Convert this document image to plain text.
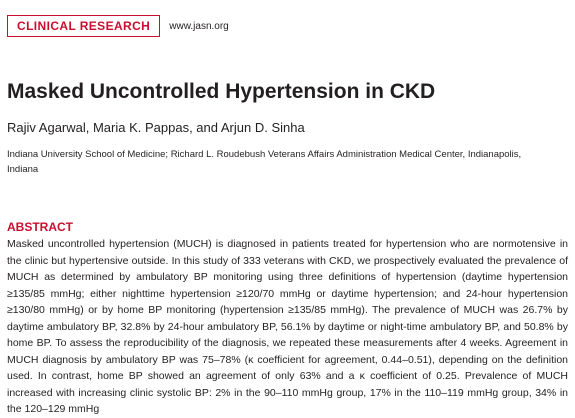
CLINICAL RESEARCH	www.jasn.org
Masked Uncontrolled Hypertension in CKD
Rajiv Agarwal, Maria K. Pappas, and Arjun D. Sinha
Indiana University School of Medicine; Richard L. Roudebush Veterans Affairs Administration Medical Center, Indianapolis, Indiana
ABSTRACT

Masked uncontrolled hypertension (MUCH) is diagnosed in patients treated for hypertension who are normotensive in the clinic but hypertensive outside. In this study of 333 veterans with CKD, we prospectively evaluated the prevalence of MUCH as determined by ambulatory BP monitoring using three definitions of hypertension (daytime hypertension ≥135/85 mmHg; either nighttime hypertension ≥120/70 mmHg or daytime hypertension; and 24-hour hypertension ≥130/80 mmHg) or by home BP monitoring (hypertension ≥135/85 mmHg). The prevalence of MUCH was 26.7% by daytime ambulatory BP, 32.8% by 24-hour ambulatory BP, 56.1% by daytime or night-time ambulatory BP, and 50.8% by home BP. To assess the reproducibility of the diagnosis, we repeated these measurements after 4 weeks. Agreement in MUCH diagnosis by ambulatory BP was 75–78% (κ coefficient for agreement, 0.44–0.51), depending on the definition used. In contrast, home BP showed an agreement of only 63% and a κ coefficient of 0.25. Prevalence of MUCH increased with increasing clinic systolic BP: 2% in the 90–110 mmHg group, 17% in the 110–119 mmHg group, 34% in the 120–129 mmHg
